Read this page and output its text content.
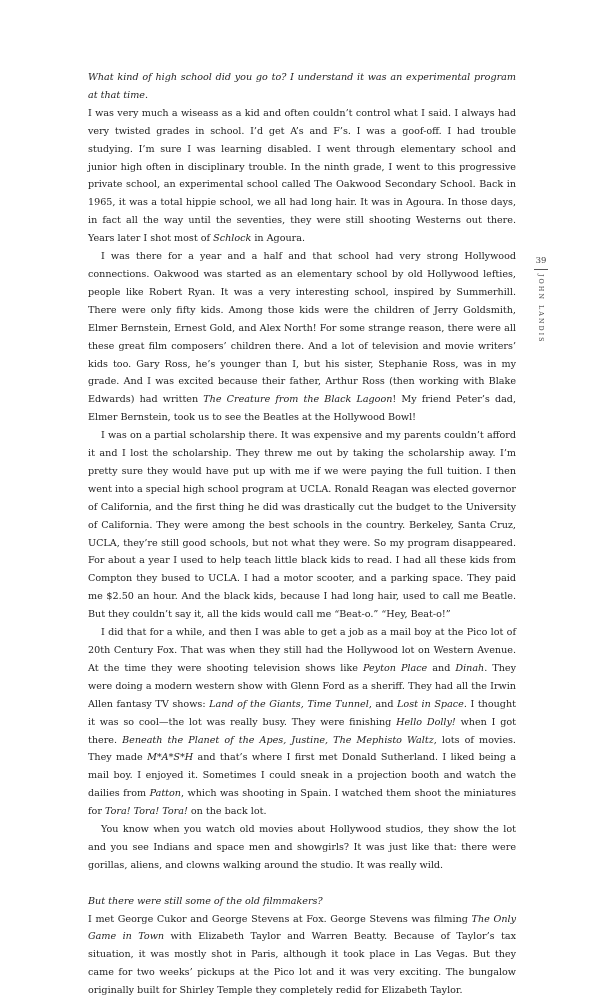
What kind of high school did you go to? I understand it was an experimental program at that time.

I was very much a wiseass as a kid and often couldn’t control what I said. I always had very twisted grades in school. I’d get A’s and F’s. I was a goof-off. I had trouble studying. I’m sure I was learning disabled. I went through elementary school and junior high often in disciplinary trouble. In the ninth grade, I went to this progressive private school, an experimental school called The Oakwood Secondary School. Back in 1965, it was a total hippie school, we all had long hair. It was in Agoura. In those days, in fact all the way until the seventies, they were still shooting Westerns out there. Years later I shot most of Schlock in Agoura.

I was there for a year and a half and that school had very strong Hollywood connections. Oakwood was started as an elementary school by old Hollywood lefties, people like Robert Ryan. It was a very interesting school, inspired by Summerhill. There were only fifty kids. Among those kids were the children of Jerry Goldsmith, Elmer Bernstein, Ernest Gold, and Alex North! For some strange reason, there were all these great film composers’ children there. And a lot of television and movie writers’ kids too. Gary Ross, he’s younger than I, but his sister, Stephanie Ross, was in my grade. And I was excited because their father, Arthur Ross (then working with Blake Edwards) had written The Creature from the Black Lagoon! My friend Peter’s dad, Elmer Bernstein, took us to see the Beatles at the Hollywood Bowl!

I was on a partial scholarship there. It was expensive and my parents couldn’t afford it and I lost the scholarship. They threw me out by taking the scholarship away. I’m pretty sure they would have put up with me if we were paying the full tuition. I then went into a special high school program at UCLA. Ronald Reagan was elected governor of California, and the first thing he did was drastically cut the budget to the University of California. They were among the best schools in the country. Berkeley, Santa Cruz, UCLA, they’re still good schools, but not what they were. So my program disappeared. For about a year I used to help teach little black kids to read. I had all these kids from Compton they bused to UCLA. I had a motor scooter, and a parking space. They paid me $2.50 an hour. And the black kids, because I had long hair, used to call me Beatle. But they couldn’t say it, all the kids would call me “Beat-o.” “Hey, Beat-o!”

I did that for a while, and then I was able to get a job as a mail boy at the Pico lot of 20th Century Fox. That was when they still had the Hollywood lot on Western Avenue. At the time they were shooting television shows like Peyton Place and Dinah. They were doing a modern western show with Glenn Ford as a sheriff. They had all the Irwin Allen fantasy TV shows: Land of the Giants, Time Tunnel, and Lost in Space. I thought it was so cool—the lot was really busy. They were finishing Hello Dolly! when I got there. Beneath the Planet of the Apes, Justine, The Mephisto Waltz, lots of movies. They made M*A*S*H and that’s where I first met Donald Sutherland. I liked being a mail boy. I enjoyed it. Sometimes I could sneak in a projection booth and watch the dailies from Patton, which was shooting in Spain. I watched them shoot the miniatures for Tora! Tora! Tora! on the back lot.

You know when you watch old movies about Hollywood studios, they show the lot and you see Indians and space men and showgirls? It was just like that: there were gorillas, aliens, and clowns walking around the studio. It was really wild.

But there were still some of the old filmmakers?

I met George Cukor and George Stevens at Fox. George Stevens was filming The Only Game in Town with Elizabeth Taylor and Warren Beatty. Because of Taylor’s tax situation, it was mostly shot in Paris, although it took place in Las Vegas. But they came for two weeks’ pickups at the Pico lot and it was very exciting. The bungalow originally built for Shirley Temple they completely redid for Elizabeth Taylor.

39
JOHN LANDIS
